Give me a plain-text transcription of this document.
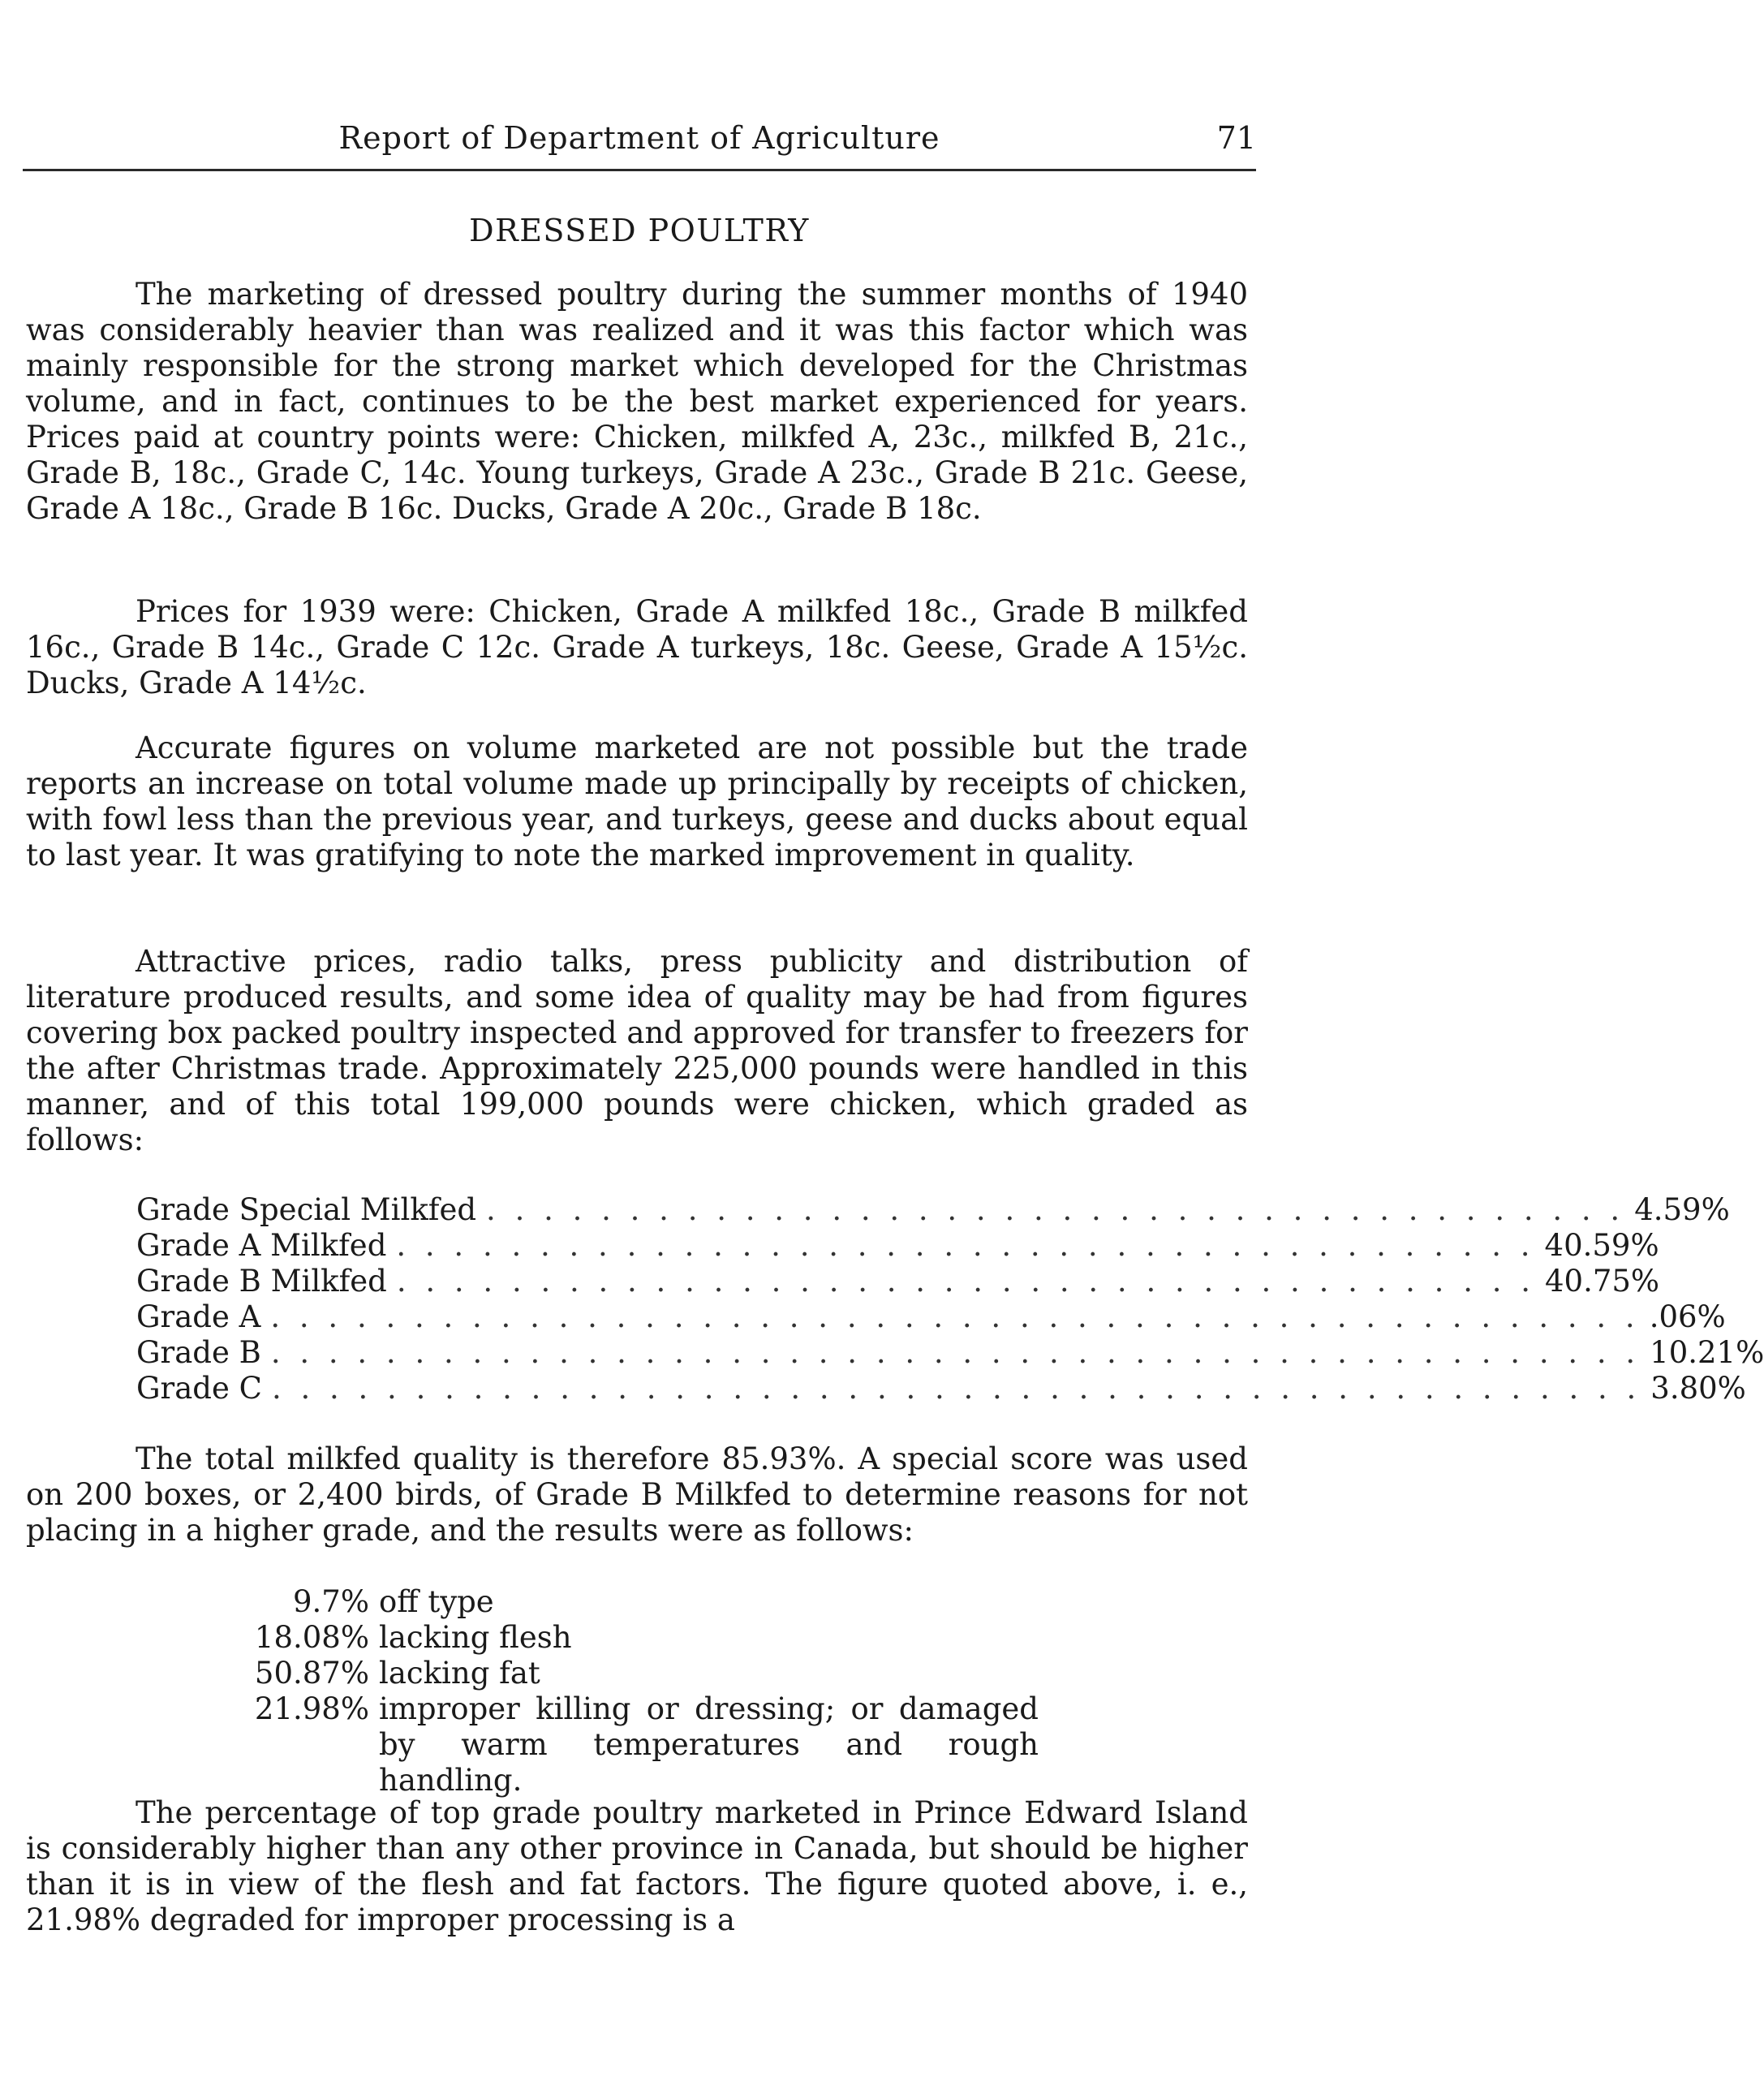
Report of Department of Agriculture	71
DRESSED POULTRY

The marketing of dressed poultry during the summer months of 1940 was considerably heavier than was realized and it was this factor which was mainly responsible for the strong market which developed for the Christmas volume, and in fact, continues to be the best market experienced for years. Prices paid at country points were: Chicken, milkfed A, 23c., milkfed B, 21c., Grade B, 18c., Grade C, 14c. Young turkeys, Grade A 23c., Grade B 21c. Geese, Grade A 18c., Grade B 16c. Ducks, Grade A 20c., Grade B 18c.

Prices for 1939 were: Chicken, Grade A milkfed 18c., Grade B milkfed 16c., Grade B 14c., Grade C 12c. Grade A turkeys, 18c. Geese, Grade A 15½c. Ducks, Grade A 14½c.

Accurate figures on volume marketed are not possible but the trade reports an increase on total volume made up principally by receipts of chicken, with fowl less than the previous year, and turkeys, geese and ducks about equal to last year. It was gratifying to note the marked improvement in quality.

Attractive prices, radio talks, press publicity and distribution of literature produced results, and some idea of quality may be had from figures covering box packed poultry inspected and approved for transfer to freezers for the after Christmas trade. Approximately 225,000 pounds were handled in this manner, and of this total 199,000 pounds were chicken, which graded as follows:

Grade Special Milkfed . . . . . . . . . . . . . . . . . . . . . . . . . . . . . . . . . . . . . . . . 4.59%
Grade A Milkfed . . . . . . . . . . . . . . . . . . . . . . . . . . . . . . . . . . . . . . . . 40.59%
Grade B Milkfed . . . . . . . . . . . . . . . . . . . . . . . . . . . . . . . . . . . . . . . . 40.75%
Grade A . . . . . . . . . . . . . . . . . . . . . . . . . . . . . . . . . . . . . . . . . . . . . . . . .06%
Grade B . . . . . . . . . . . . . . . . . . . . . . . . . . . . . . . . . . . . . . . . . . . . . . . . 10.21%
Grade C . . . . . . . . . . . . . . . . . . . . . . . . . . . . . . . . . . . . . . . . . . . . . . . . 3.80%

The total milkfed quality is therefore 85.93%. A special score was used on 200 boxes, or 2,400 birds, of Grade B Milkfed to determine reasons for not placing in a higher grade, and the results were as follows:

9.7% off type
18.08% lacking flesh
50.87% lacking fat
21.98% improper killing or dressing; or damaged by warm temperatures and rough handling.

The percentage of top grade poultry marketed in Prince Edward Island is considerably higher than any other province in Canada, but should be higher than it is in view of the flesh and fat factors. The figure quoted above, i. e., 21.98% degraded for improper processing is a
